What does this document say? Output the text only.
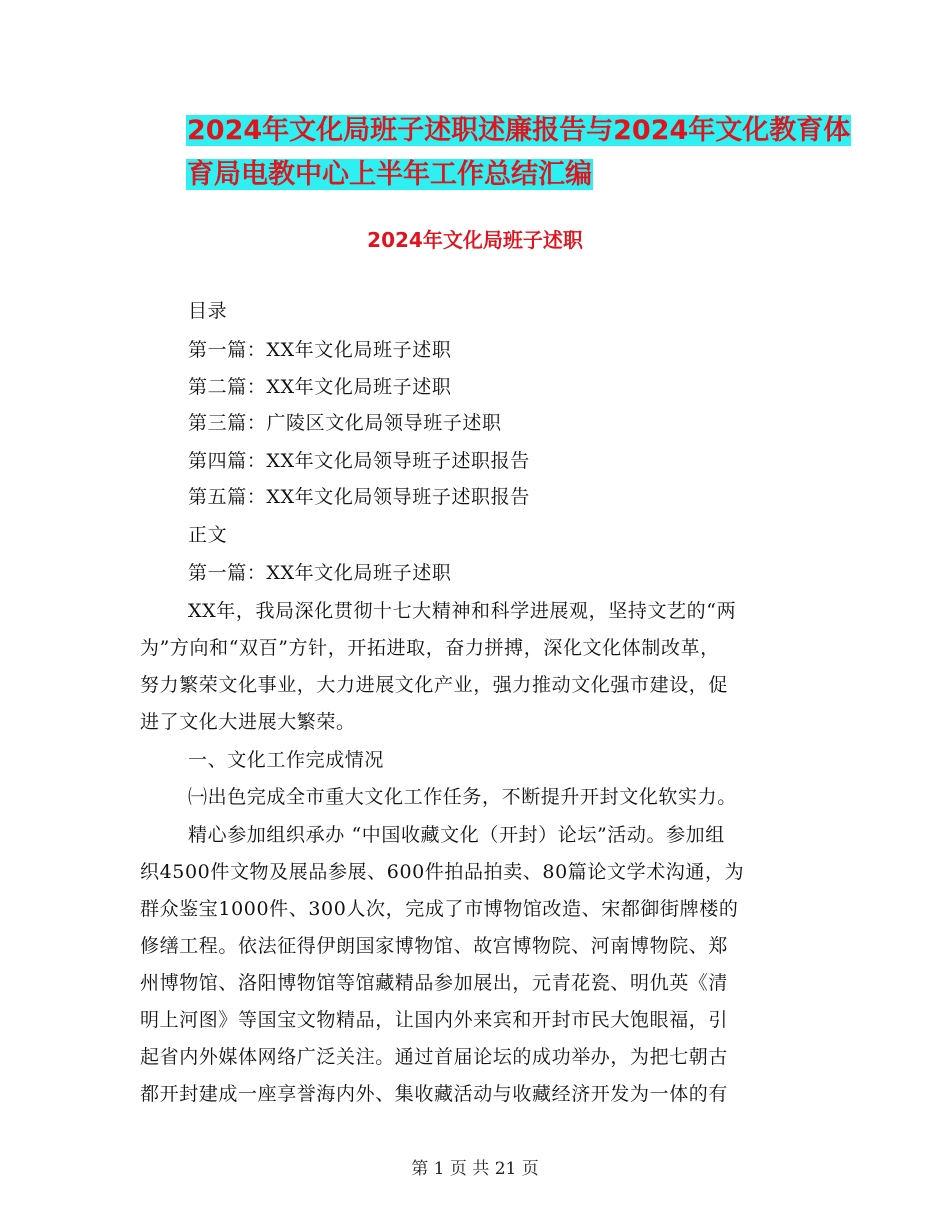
2024年文化局班子述职述廉报告与2024年文化教育体
育局电教中心上半年工作总结汇编
2024年文化局班子述职
目录
第一篇：XX年文化局班子述职
第二篇：XX年文化局班子述职
第三篇：广陵区文化局领导班子述职
第四篇：XX年文化局领导班子述职报告
第五篇：XX年文化局领导班子述职报告
正文
第一篇：XX年文化局班子述职
XX年，我局深化贯彻十七大精神和科学进展观，坚持文艺的“两
为”方向和“双百”方针，开拓进取，奋力拼搏，深化文化体制改革，
努力繁荣文化事业，大力进展文化产业，强力推动文化强市建设，促
进了文化大进展大繁荣。
一、文化工作完成情况
㈠出色完成全市重大文化工作任务，不断提升开封文化软实力。
精心参加组织承办 “中国收藏文化（开封）论坛”活动。参加组
织4500件文物及展品参展、600件拍品拍卖、80篇论文学术沟通，为
群众鉴宝1000件、300人次，完成了市博物馆改造、宋都御街牌楼的
修缮工程。依法征得伊朗国家博物馆、故宫博物院、河南博物院、郑
州博物馆、洛阳博物馆等馆藏精品参加展出，元青花瓷、明仇英《清
明上河图》等国宝文物精品，让国内外来宾和开封市民大饱眼福，引
起省内外媒体网络广泛关注。通过首届论坛的成功举办，为把七朝古
都开封建成一座享誉海内外、集收藏活动与收藏经济开发为一体的有
第 1 页 共 21 页
